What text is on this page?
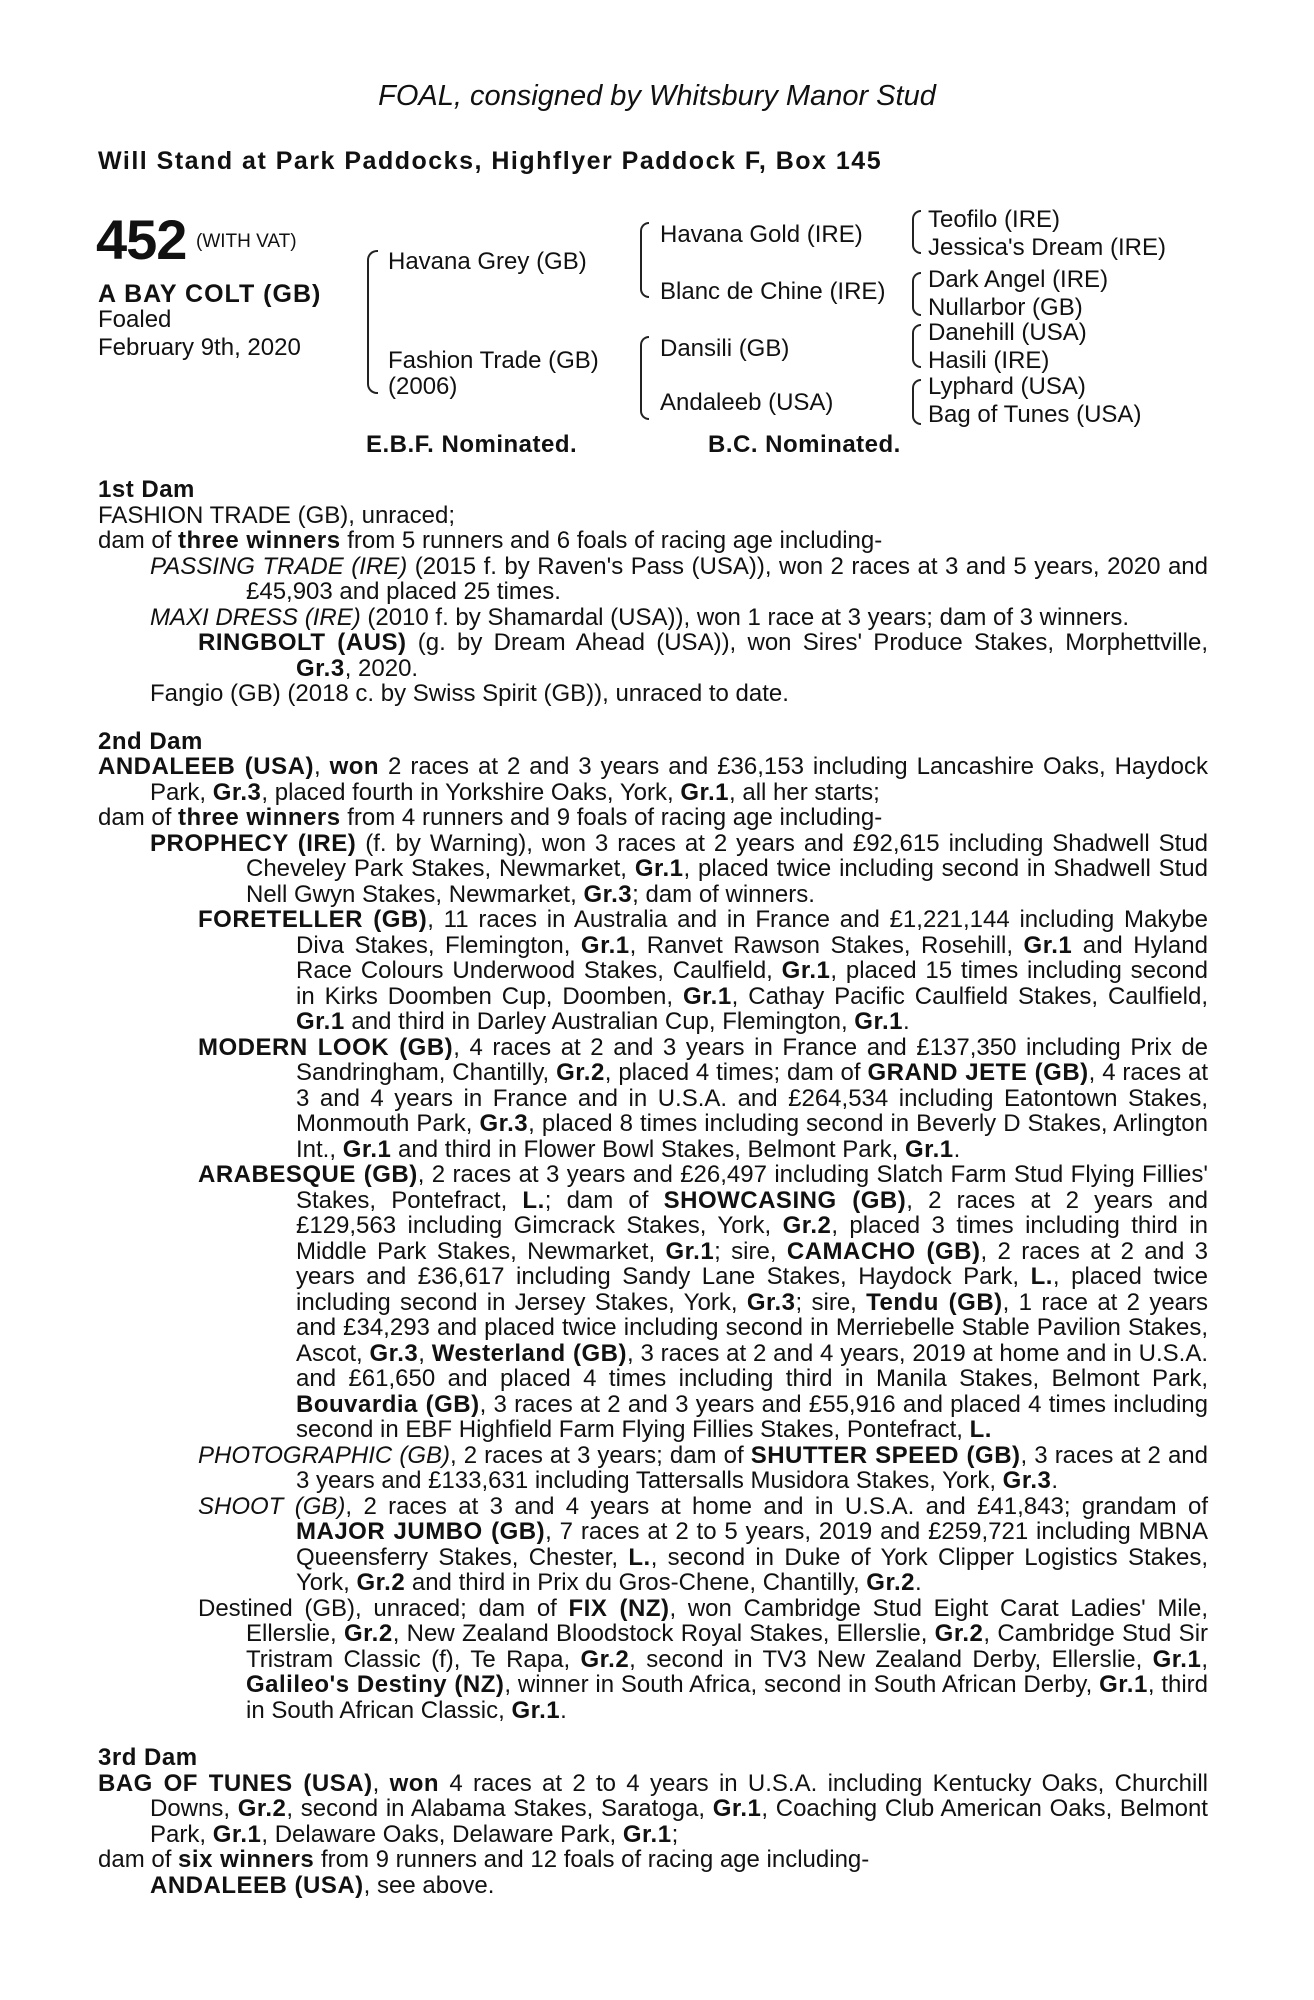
FOAL, consigned by Whitsbury Manor Stud
Will Stand at Park Paddocks, Highflyer Paddock F, Box 145
452 (WITH VAT)
A BAY COLT (GB)
Foaled
February 9th, 2020
Havana Grey (GB)
Fashion Trade (GB)
(2006)
Havana Gold (IRE)
Blanc de Chine (IRE)
Dansili (GB)
Andaleeb (USA)
Teofilo (IRE)
Jessica's Dream (IRE)
Dark Angel (IRE)
Nullarbor (GB)
Danehill (USA)
Hasili (IRE)
Lyphard (USA)
Bag of Tunes (USA)
E.B.F. Nominated.	B.C. Nominated.
1st Dam
FASHION TRADE (GB), unraced;
dam of three winners from 5 runners and 6 foals of racing age including-
PASSING TRADE (IRE) (2015 f. by Raven's Pass (USA)), won 2 races at 3 and 5 years, 2020 and £45,903 and placed 25 times.
MAXI DRESS (IRE) (2010 f. by Shamardal (USA)), won 1 race at 3 years; dam of 3 winners.
RINGBOLT (AUS) (g. by Dream Ahead (USA)), won Sires' Produce Stakes, Morphettville, Gr.3, 2020.
Fangio (GB) (2018 c. by Swiss Spirit (GB)), unraced to date.
2nd Dam
ANDALEEB (USA), won 2 races at 2 and 3 years and £36,153 including Lancashire Oaks, Haydock Park, Gr.3, placed fourth in Yorkshire Oaks, York, Gr.1, all her starts;
dam of three winners from 4 runners and 9 foals of racing age including-
PROPHECY (IRE) (f. by Warning), won 3 races at 2 years and £92,615 including Shadwell Stud Cheveley Park Stakes, Newmarket, Gr.1, placed twice including second in Shadwell Stud Nell Gwyn Stakes, Newmarket, Gr.3; dam of winners.
FORETELLER (GB), 11 races in Australia and in France and £1,221,144 including Makybe Diva Stakes, Flemington, Gr.1, Ranvet Rawson Stakes, Rosehill, Gr.1 and Hyland Race Colours Underwood Stakes, Caulfield, Gr.1, placed 15 times including second in Kirks Doomben Cup, Doomben, Gr.1, Cathay Pacific Caulfield Stakes, Caulfield, Gr.1 and third in Darley Australian Cup, Flemington, Gr.1.
MODERN LOOK (GB), 4 races at 2 and 3 years in France and £137,350 including Prix de Sandringham, Chantilly, Gr.2, placed 4 times; dam of GRAND JETE (GB), 4 races at 3 and 4 years in France and in U.S.A. and £264,534 including Eatontown Stakes, Monmouth Park, Gr.3, placed 8 times including second in Beverly D Stakes, Arlington Int., Gr.1 and third in Flower Bowl Stakes, Belmont Park, Gr.1.
ARABESQUE (GB), 2 races at 3 years and £26,497 including Slatch Farm Stud Flying Fillies' Stakes, Pontefract, L.; dam of SHOWCASING (GB), 2 races at 2 years and £129,563 including Gimcrack Stakes, York, Gr.2, placed 3 times including third in Middle Park Stakes, Newmarket, Gr.1; sire, CAMACHO (GB), 2 races at 2 and 3 years and £36,617 including Sandy Lane Stakes, Haydock Park, L., placed twice including second in Jersey Stakes, York, Gr.3; sire, Tendu (GB), 1 race at 2 years and £34,293 and placed twice including second in Merriebelle Stable Pavilion Stakes, Ascot, Gr.3, Westerland (GB), 3 races at 2 and 4 years, 2019 at home and in U.S.A. and £61,650 and placed 4 times including third in Manila Stakes, Belmont Park, Bouvardia (GB), 3 races at 2 and 3 years and £55,916 and placed 4 times including second in EBF Highfield Farm Flying Fillies Stakes, Pontefract, L.
PHOTOGRAPHIC (GB), 2 races at 3 years; dam of SHUTTER SPEED (GB), 3 races at 2 and 3 years and £133,631 including Tattersalls Musidora Stakes, York, Gr.3.
SHOOT (GB), 2 races at 3 and 4 years at home and in U.S.A. and £41,843; grandam of MAJOR JUMBO (GB), 7 races at 2 to 5 years, 2019 and £259,721 including MBNA Queensferry Stakes, Chester, L., second in Duke of York Clipper Logistics Stakes, York, Gr.2 and third in Prix du Gros-Chene, Chantilly, Gr.2.
Destined (GB), unraced; dam of FIX (NZ), won Cambridge Stud Eight Carat Ladies' Mile, Ellerslie, Gr.2, New Zealand Bloodstock Royal Stakes, Ellerslie, Gr.2, Cambridge Stud Sir Tristram Classic (f), Te Rapa, Gr.2, second in TV3 New Zealand Derby, Ellerslie, Gr.1, Galileo's Destiny (NZ), winner in South Africa, second in South African Derby, Gr.1, third in South African Classic, Gr.1.
3rd Dam
BAG OF TUNES (USA), won 4 races at 2 to 4 years in U.S.A. including Kentucky Oaks, Churchill Downs, Gr.2, second in Alabama Stakes, Saratoga, Gr.1, Coaching Club American Oaks, Belmont Park, Gr.1, Delaware Oaks, Delaware Park, Gr.1;
dam of six winners from 9 runners and 12 foals of racing age including-
ANDALEEB (USA), see above.
